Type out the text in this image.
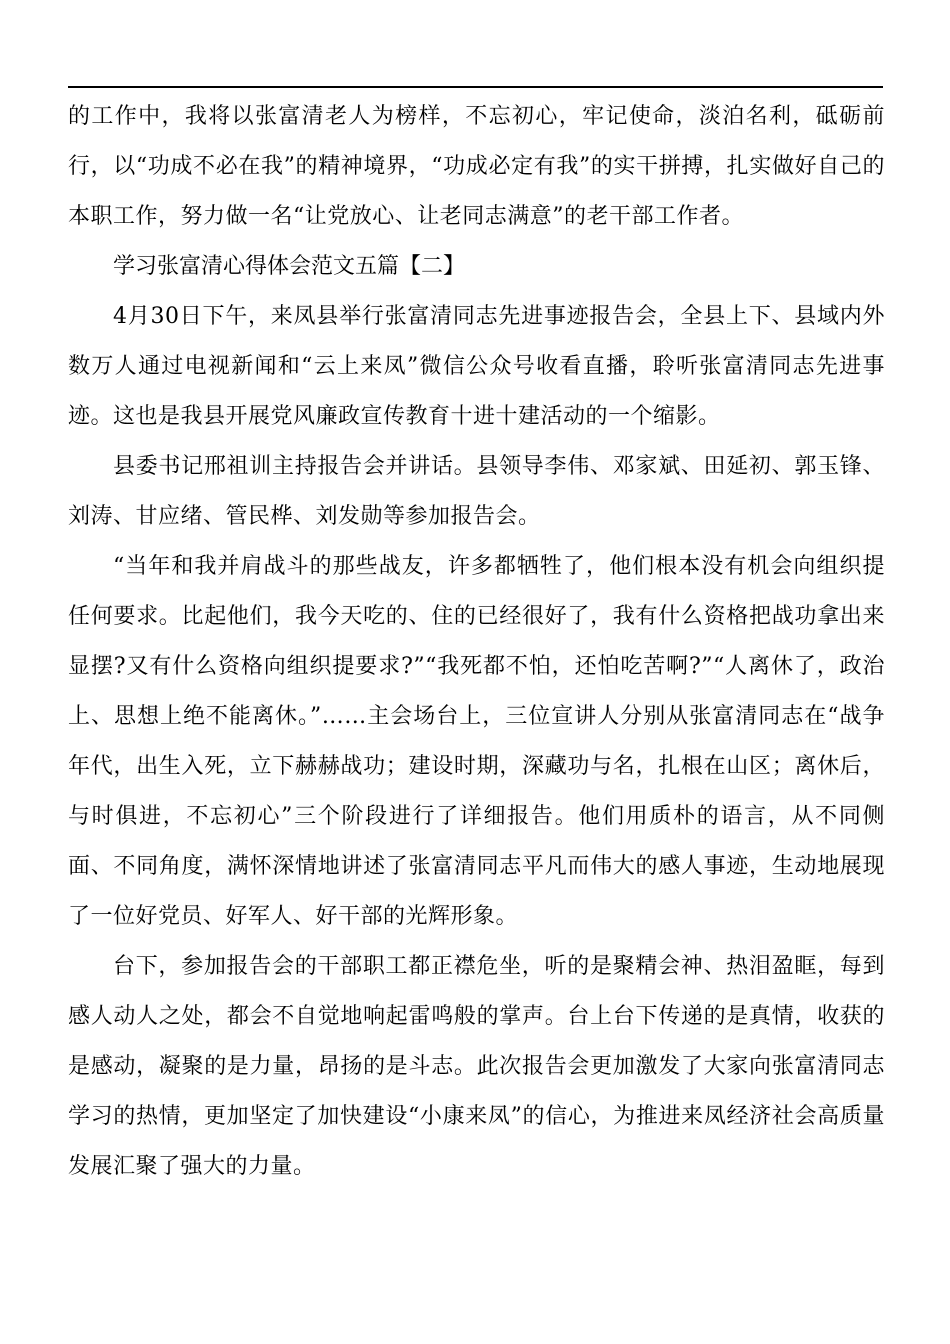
的工作中，我将以张富清老人为榜样，不忘初心，牢记使命，淡泊名利，砥砺前行，以“功成不必在我”的精神境界，“功成必定有我”的实干拼搏，扎实做好自己的本职工作，努力做一名“让党放心、让老同志满意”的老干部工作者。

学习张富清心得体会范文五篇【二】

4月30日下午，来凤县举行张富清同志先进事迹报告会，全县上下、县域内外数万人通过电视新闻和“云上来凤”微信公众号收看直播，聆听张富清同志先进事迹。这也是我县开展党风廉政宣传教育十进十建活动的一个缩影。

县委书记邢祖训主持报告会并讲话。县领导李伟、邓家斌、田延初、郭玉锋、刘涛、甘应绪、管民桦、刘发勋等参加报告会。

“当年和我并肩战斗的那些战友，许多都牺牲了，他们根本没有机会向组织提任何要求。比起他们，我今天吃的、住的已经很好了，我有什么资格把战功拿出来显摆?又有什么资格向组织提要求?”“我死都不怕，还怕吃苦啊?”“人离休了，政治上、思想上绝不能离休。”……主会场台上，三位宣讲人分别从张富清同志在“战争年代，出生入死，立下赫赫战功；建设时期，深藏功与名，扎根在山区；离休后，与时俱进，不忘初心”三个阶段进行了详细报告。他们用质朴的语言，从不同侧面、不同角度，满怀深情地讲述了张富清同志平凡而伟大的感人事迹，生动地展现了一位好党员、好军人、好干部的光辉形象。

台下，参加报告会的干部职工都正襟危坐，听的是聚精会神、热泪盈眶，每到感人动人之处，都会不自觉地响起雷鸣般的掌声。台上台下传递的是真情，收获的是感动，凝聚的是力量，昂扬的是斗志。此次报告会更加激发了大家向张富清同志学习的热情，更加坚定了加快建设“小康来凤”的信心，为推进来凤经济社会高质量发展汇聚了强大的力量。
